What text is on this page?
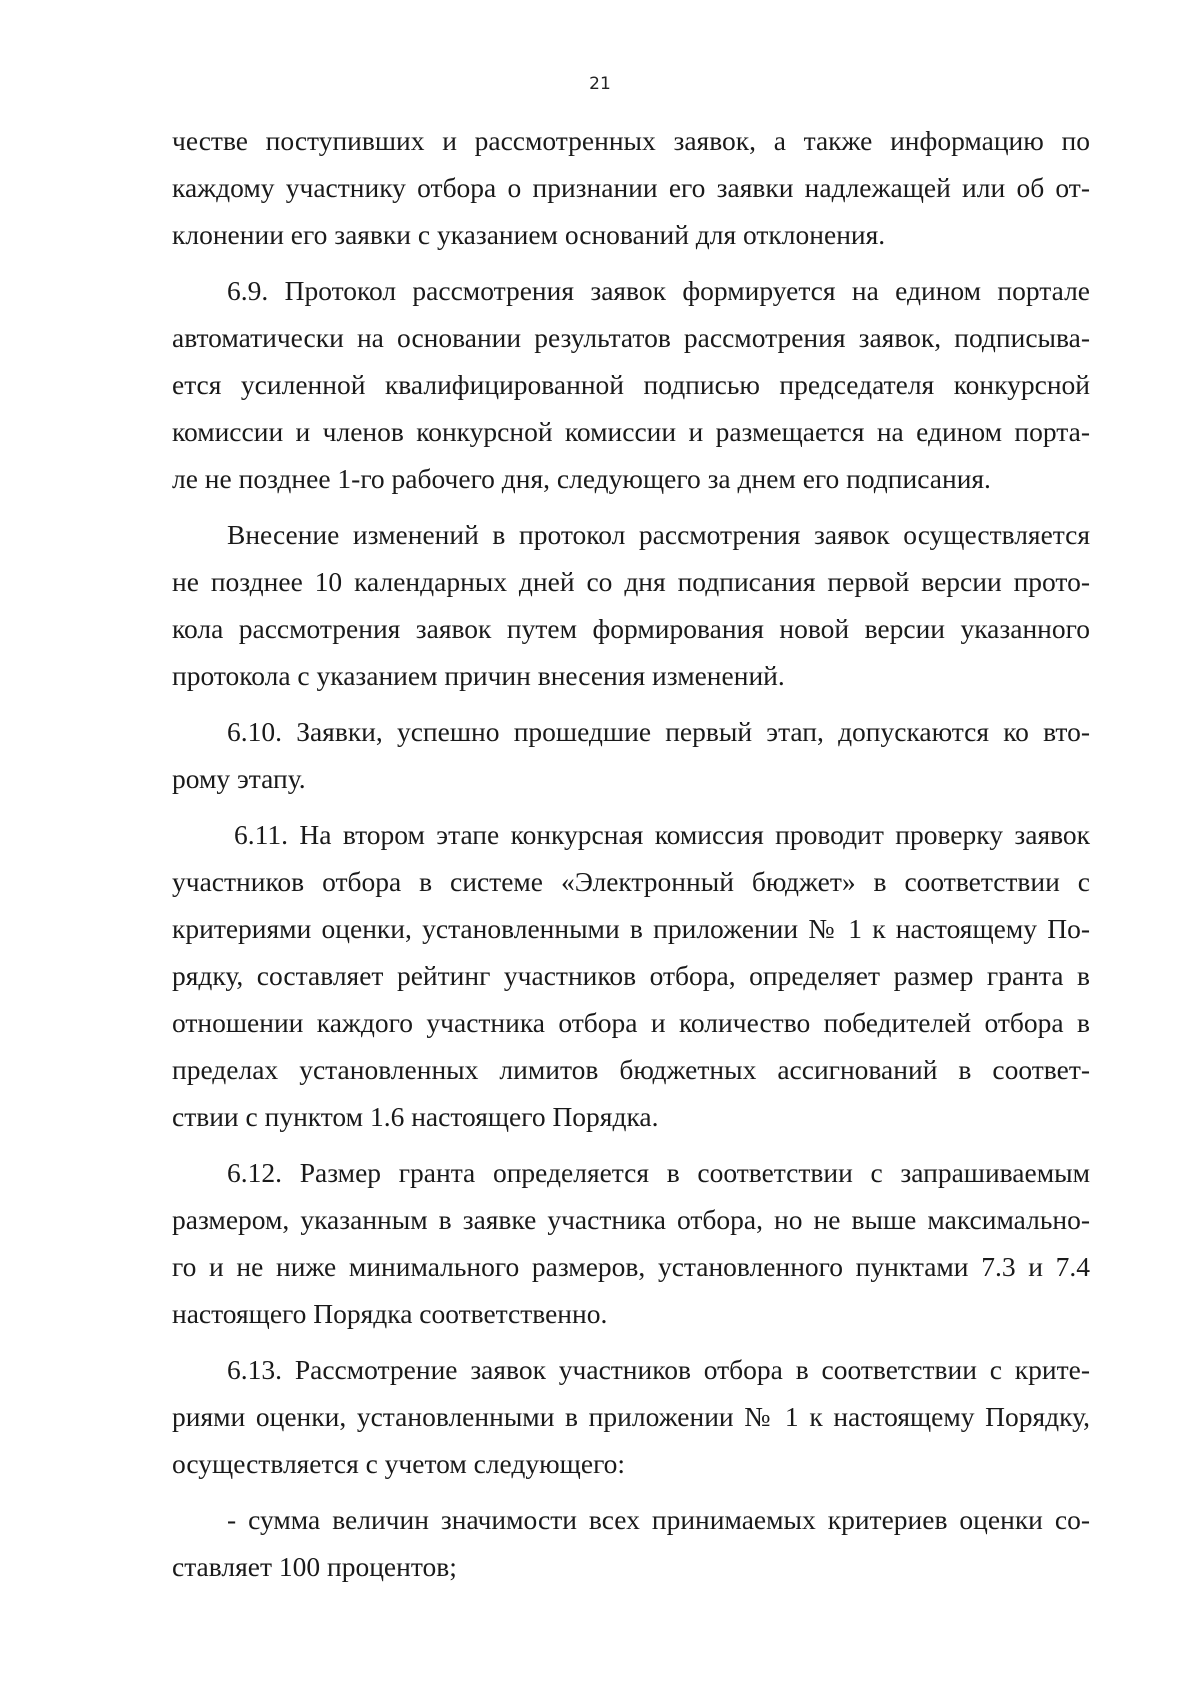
21
честве поступивших и рассмотренных заявок, а также информацию по
каждому участнику отбора о признании его заявки надлежащей или об от-
клонении его заявки с указанием оснований для отклонения.
6.9. Протокол рассмотрения заявок формируется на едином портале
автоматически на основании результатов рассмотрения заявок, подписыва-
ется усиленной квалифицированной подписью председателя конкурсной
комиссии и членов конкурсной комиссии и размещается на едином порта-
ле не позднее 1-го рабочего дня, следующего за днем его подписания.
Внесение изменений в протокол рассмотрения заявок осуществляется
не позднее 10 календарных дней со дня подписания первой версии прото-
кола рассмотрения заявок путем формирования новой версии указанного
протокола с указанием причин внесения изменений.
6.10. Заявки, успешно прошедшие первый этап, допускаются ко вто-
рому этапу.
6.11. На втором этапе конкурсная комиссия проводит проверку заявок
участников отбора в системе «Электронный бюджет» в соответствии с
критериями оценки, установленными в приложении № 1 к настоящему По-
рядку, составляет рейтинг участников отбора, определяет размер гранта в
отношении каждого участника отбора и количество победителей отбора в
пределах установленных лимитов бюджетных ассигнований в соответ-
ствии с пунктом 1.6 настоящего Порядка.
6.12. Размер гранта определяется в соответствии с запрашиваемым
размером, указанным в заявке участника отбора, но не выше максимально-
го и не ниже минимального размеров, установленного пунктами 7.3 и 7.4
настоящего Порядка соответственно.
6.13. Рассмотрение заявок участников отбора в соответствии с крите-
риями оценки, установленными в приложении № 1 к настоящему Порядку,
осуществляется с учетом следующего:
- сумма величин значимости всех принимаемых критериев оценки со-
ставляет 100 процентов;
